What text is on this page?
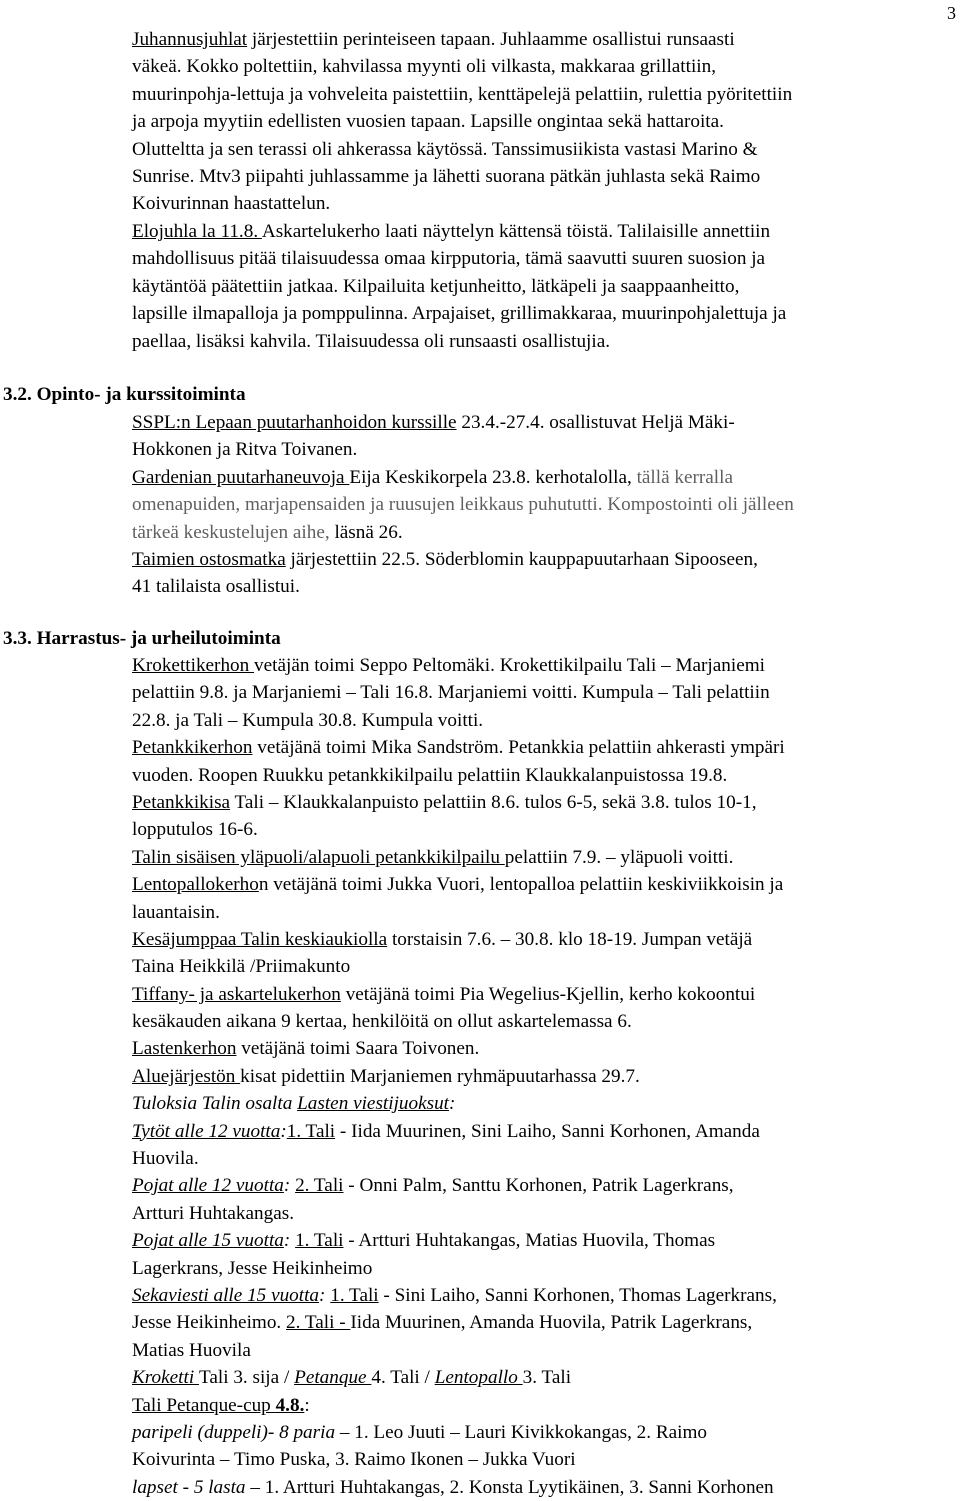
3
Juhannusjuhlat järjestettiin perinteiseen tapaan. Juhlaamme osallistui runsaasti
väkeä. Kokko poltettiin, kahvilassa myynti oli vilkasta, makkaraa grillattiin,
muurinpohja-lettuja ja vohveleita paistettiin, kenttäpelejä pelattiin, rulettia pyöritettiin
ja arpoja myytiin edellisten vuosien tapaan. Lapsille ongintaa sekä hattaroita.
Olutteltta ja sen terassi oli ahkerassa käytössä. Tanssimusiikista vastasi Marino &
Sunrise. Mtv3 piipahti juhlassamme ja lähetti suorana pätkän juhlasta sekä Raimo
Koivurinnan haastattelun.
Elojuhla la 11.8. Askartelukerho laati näyttelyn kättensä töistä. Talilaisille annettiin
mahdollisuus pitää tilaisuudessa omaa kirpputoria, tämä saavutti suuren suosion ja
käytäntöä päätettiin jatkaa. Kilpailuita ketjunheitto, lätkäpeli ja saappaanheitto,
lapsille ilmapalloja ja pomppulinna. Arpajaiset, grillimakkaraa, muurinpohjalettuja ja
paellaa, lisäksi kahvila. Tilaisuudessa oli runsaasti osallistujia.
3.2. Opinto- ja kurssitoiminta
SSPL:n Lepaan puutarhanhoidon kurssille 23.4.-27.4. osallistuvat Heljä Mäki-
Hokkonen ja Ritva Toivanen.
Gardenian puutarhaneuvoja Eija Keskikorpela 23.8. kerhotalolla, tällä kerralla
omenapuiden, marjapensaiden ja ruusujen leikkaus puhututti. Kompostointi oli jälleen
tärkeä keskustelujen aihe, läsnä 26.
Taimien ostosmatka järjestettiin 22.5. Söderblomin kauppapuutarhaan Sipooseen,
41 talilaista osallistui.
3.3. Harrastus- ja urheilutoiminta
Krokettikerhon vetäjän toimi Seppo Peltomäki. Krokettikilpailu Tali – Marjaniemi
pelattiin 9.8. ja Marjaniemi – Tali 16.8. Marjaniemi voitti. Kumpula – Tali pelattiin
22.8. ja Tali – Kumpula 30.8. Kumpula voitti.
Petankkikerhon vetäjänä toimi Mika Sandström. Petankkia pelattiin ahkerasti ympäri
vuoden. Roopen Ruukku petankkikilpailu pelattiin Klaukkalanpuistossa 19.8.
Petankkikisa Tali – Klaukkalanpuisto pelattiin 8.6. tulos 6-5, sekä 3.8. tulos 10-1,
lopputulos 16-6.
Talin sisäisen yläpuoli/alapuoli petankkikilpailu pelattiin 7.9. – yläpuoli voitti.
Lentopallokerhon vetäjänä toimi Jukka Vuori, lentopalloa pelattiin keskiviikkoisin ja
lauantaisin.
Kesäjumppaa Talin keskiaukiolla torstaisin 7.6. – 30.8. klo 18-19. Jumpan vetäjä
Taina Heikkilä /Priimakunto
Tiffany- ja askartelukerhon vetäjänä toimi Pia Wegelius-Kjellin, kerho kokoontui
kesäkauden aikana 9 kertaa, henkilöitä on ollut askartelemassa 6.
Lastenkerhon vetäjänä toimi Saara Toivonen.
Aluejärjestön kisat pidettiin Marjaniemen ryhmäpuutarhassa 29.7.
Tuloksia Talin osalta Lasten viestijuoksut:
Tytöt alle 12 vuotta:1. Tali - Iida Muurinen, Sini Laiho, Sanni Korhonen, Amanda
Huovila.
Pojat alle 12 vuotta: 2. Tali - Onni Palm, Santtu Korhonen, Patrik Lagerkrans,
Artturi Huhtakangas.
Pojat alle 15 vuotta: 1. Tali - Artturi Huhtakangas, Matias Huovila, Thomas
Lagerkrans, Jesse Heikinheimo
Sekaviesti alle 15 vuotta: 1. Tali - Sini Laiho, Sanni Korhonen, Thomas Lagerkrans,
Jesse Heikinheimo. 2. Tali - Iida Muurinen, Amanda Huovila, Patrik Lagerkrans,
Matias Huovila
Kroketti Tali 3. sija / Petanque 4. Tali / Lentopallo 3. Tali
Tali Petanque-cup 4.8.:
paripeli (duppeli)- 8 paria – 1. Leo Juuti – Lauri Kivikkokangas, 2. Raimo
Koivurinta – Timo Puska, 3. Raimo Ikonen – Jukka Vuori
lapset - 5 lasta – 1. Artturi Huhtakangas, 2. Konsta Lyytikäinen, 3. Sanni Korhonen
